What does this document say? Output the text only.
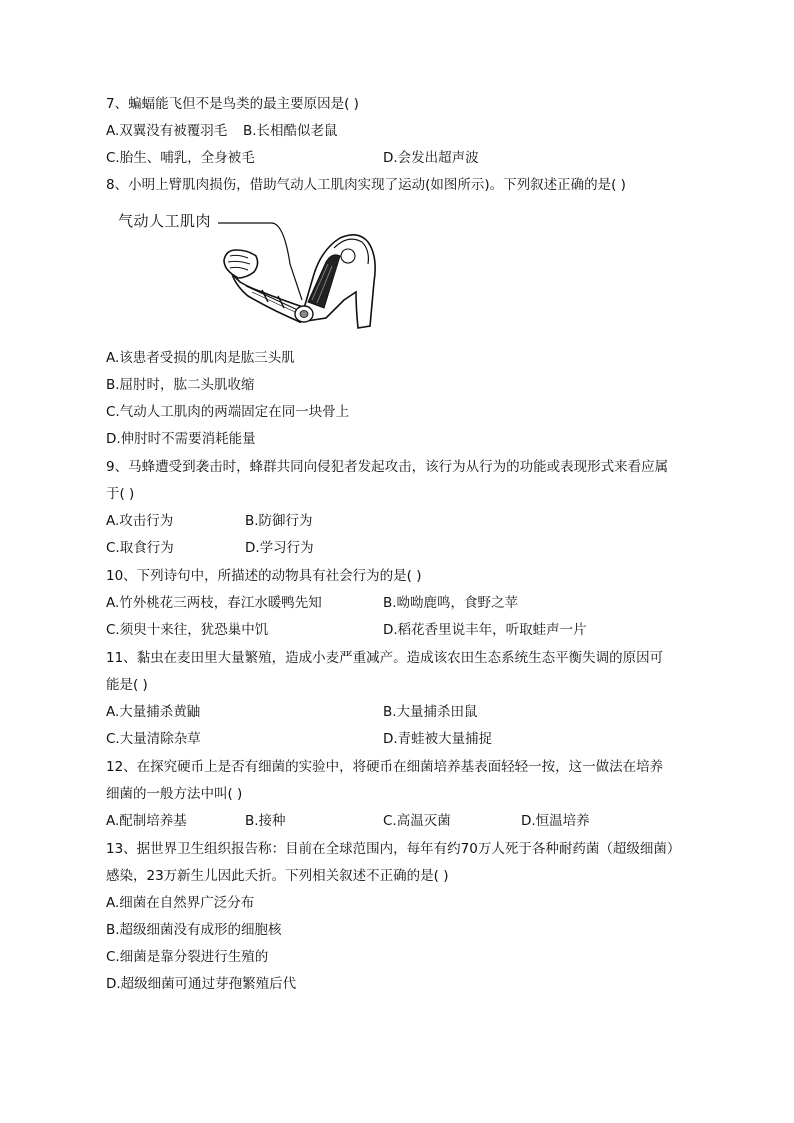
7、蝙蝠能飞但不是鸟类的最主要原因是( )
A.双翼没有被覆羽毛 B.长相酷似老鼠
C.胎生、哺乳，全身被毛	D.会发出超声波
8、小明上臂肌肉损伤，借助气动人工肌肉实现了运动(如图所示)。下列叙述正确的是( )
气动人工肌肉
A.该患者受损的肌肉是肱三头肌
B.屈肘时，肱二头肌收缩
C.气动人工肌肉的两端固定在同一块骨上
D.伸肘时不需要消耗能量
9、马蜂遭受到袭击时，蜂群共同向侵犯者发起攻击，该行为从行为的功能或表现形式来看应属
于( )
A.攻击行为	B.防御行为
C.取食行为	D.学习行为
10、下列诗句中，所描述的动物具有社会行为的是( )
A.竹外桃花三两枝，春江水暖鸭先知	B.呦呦鹿鸣，食野之苹
C.须臾十来往，犹恐巢中饥	D.稻花香里说丰年，听取蛙声一片
11、黏虫在麦田里大量繁殖，造成小麦严重减产。造成该农田生态系统生态平衡失调的原因可
能是( )
A.大量捕杀黄鼬	B.大量捕杀田鼠
C.大量清除杂草	D.青蛙被大量捕捉
12、在探究硬币上是否有细菌的实验中，将硬币在细菌培养基表面轻轻一按，这一做法在培养
细菌的一般方法中叫( )
A.配制培养基	B.接种	C.高温灭菌	D.恒温培养
13、据世界卫生组织报告称：目前在全球范围内，每年有约70万人死于各种耐药菌（超级细菌）
感染，23万新生儿因此夭折。下列相关叙述不正确的是( )
A.细菌在自然界广泛分布
B.超级细菌没有成形的细胞核
C.细菌是靠分裂进行生殖的
D.超级细菌可通过芽孢繁殖后代
